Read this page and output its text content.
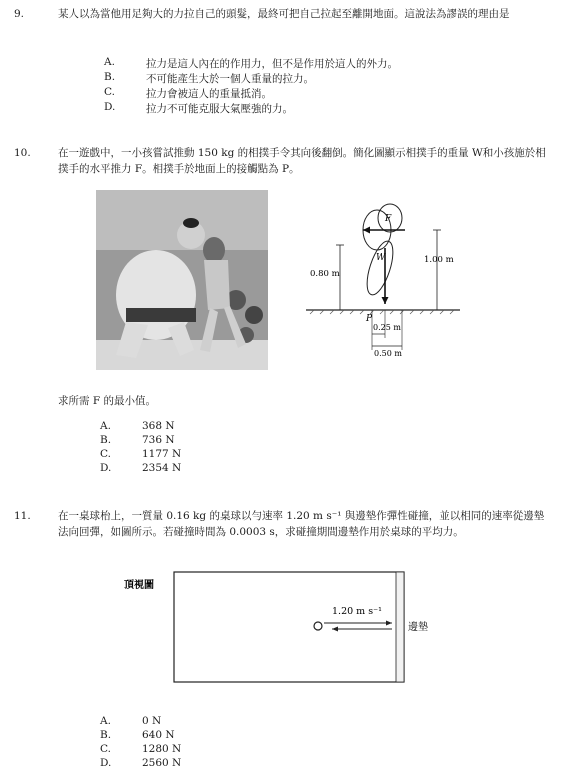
9.	某人以為當他用足夠大的力拉自己的頭髮，最終可把自己拉起至離開地面。這說法為謬誤的理由是
A.	拉力是這人內在的作用力，但不是作用於這人的外力。
B.	不可能產生大於一個人重量的拉力。
C.	拉力會被這人的重量抵消。
D.	拉力不可能克服大氣壓強的力。
10.	在一遊戲中，一小孩嘗試推動 150 kg 的相撲手令其向後翻倒。簡化圖顯示相撲手的重量 W和小孩施於相撲手的水平推力 F。相撲手於地面上的接觸點為 P。
F
W
P
0.80 m
1.00 m
0.25 m
0.50 m
求所需 F 的最小值。
A.	368 N
B.	736 N
C.	1177 N
D.	2354 N
11.	在一桌球枱上，一質量 0.16 kg 的桌球以勻速率 1.20 m s⁻¹ 與邊墊作彈性碰撞，並以相同的速率從邊墊法向回彈，如圖所示。若碰撞時間為 0.0003 s，求碰撞期間邊墊作用於桌球的平均力。
頂視圖
1.20 m s⁻¹
邊墊
A.	0 N
B.	640 N
C.	1280 N
D.	2560 N
